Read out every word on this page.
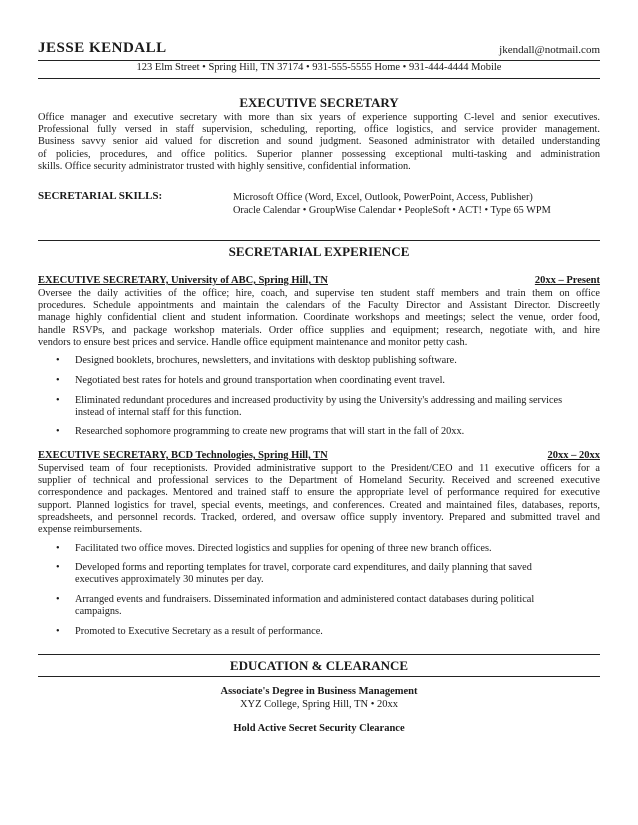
JESSE KENDALL	jkendall@notmail.com
123 Elm Street • Spring Hill, TN 37174 • 931-555-5555 Home • 931-444-4444 Mobile
EXECUTIVE SECRETARY
Office manager and executive secretary with more than six years of experience supporting C-level and senior executives.
Professional fully versed in staff supervision, scheduling, reporting, office logistics, and service provider management.
Business savvy senior aid valued for discretion and sound judgment. Seasoned administrator with detailed understanding
of policies, procedures, and office politics. Superior planner possessing exceptional multi-tasking and administration
skills. Office security administrator trusted with highly sensitive, confidential information.
SECRETARIAL SKILLS:	Microsoft Office (Word, Excel, Outlook, PowerPoint, Access, Publisher)
Oracle Calendar • GroupWise Calendar • PeopleSoft • ACT! • Type 65 WPM
SECRETARIAL EXPERIENCE
EXECUTIVE SECRETARY, University of ABC, Spring Hill, TN	20xx – Present
Oversee the daily activities of the office; hire, coach, and supervise ten student staff members and train them on office
procedures. Schedule appointments and maintain the calendars of the Faculty Director and Assistant Director. Discreetly
manage highly confidential client and student information. Coordinate workshops and meetings; select the venue, order food,
handle RSVPs, and package workshop materials. Order office supplies and equipment; research, negotiate with, and hire
vendors to ensure best prices and service. Handle office equipment maintenance and monitor petty cash.
• Designed booklets, brochures, newsletters, and invitations with desktop publishing software.
• Negotiated best rates for hotels and ground transportation when coordinating event travel.
• Eliminated redundant procedures and increased productivity by using the University's addressing and mailing services
instead of internal staff for this function.
• Researched sophomore programming to create new programs that will start in the fall of 20xx.
EXECUTIVE SECRETARY, BCD Technologies, Spring Hill, TN	20xx – 20xx
Supervised team of four receptionists. Provided administrative support to the President/CEO and 11 executive officers for a
supplier of technical and professional services to the Department of Homeland Security. Received and screened executive
correspondence and packages. Mentored and trained staff to ensure the appropriate level of performance required for executive
support. Planned logistics for travel, special events, meetings, and conferences. Created and maintained files, databases, reports,
spreadsheets, and personnel records. Tracked, ordered, and oversaw office supply inventory. Prepared and submitted travel and
expense reimbursements.
• Facilitated two office moves. Directed logistics and supplies for opening of three new branch offices.
• Developed forms and reporting templates for travel, corporate card expenditures, and daily planning that saved
executives approximately 30 minutes per day.
• Arranged events and fundraisers. Disseminated information and administered contact databases during political
campaigns.
• Promoted to Executive Secretary as a result of performance.
EDUCATION & CLEARANCE
Associate's Degree in Business Management
XYZ College, Spring Hill, TN • 20xx
Hold Active Secret Security Clearance
